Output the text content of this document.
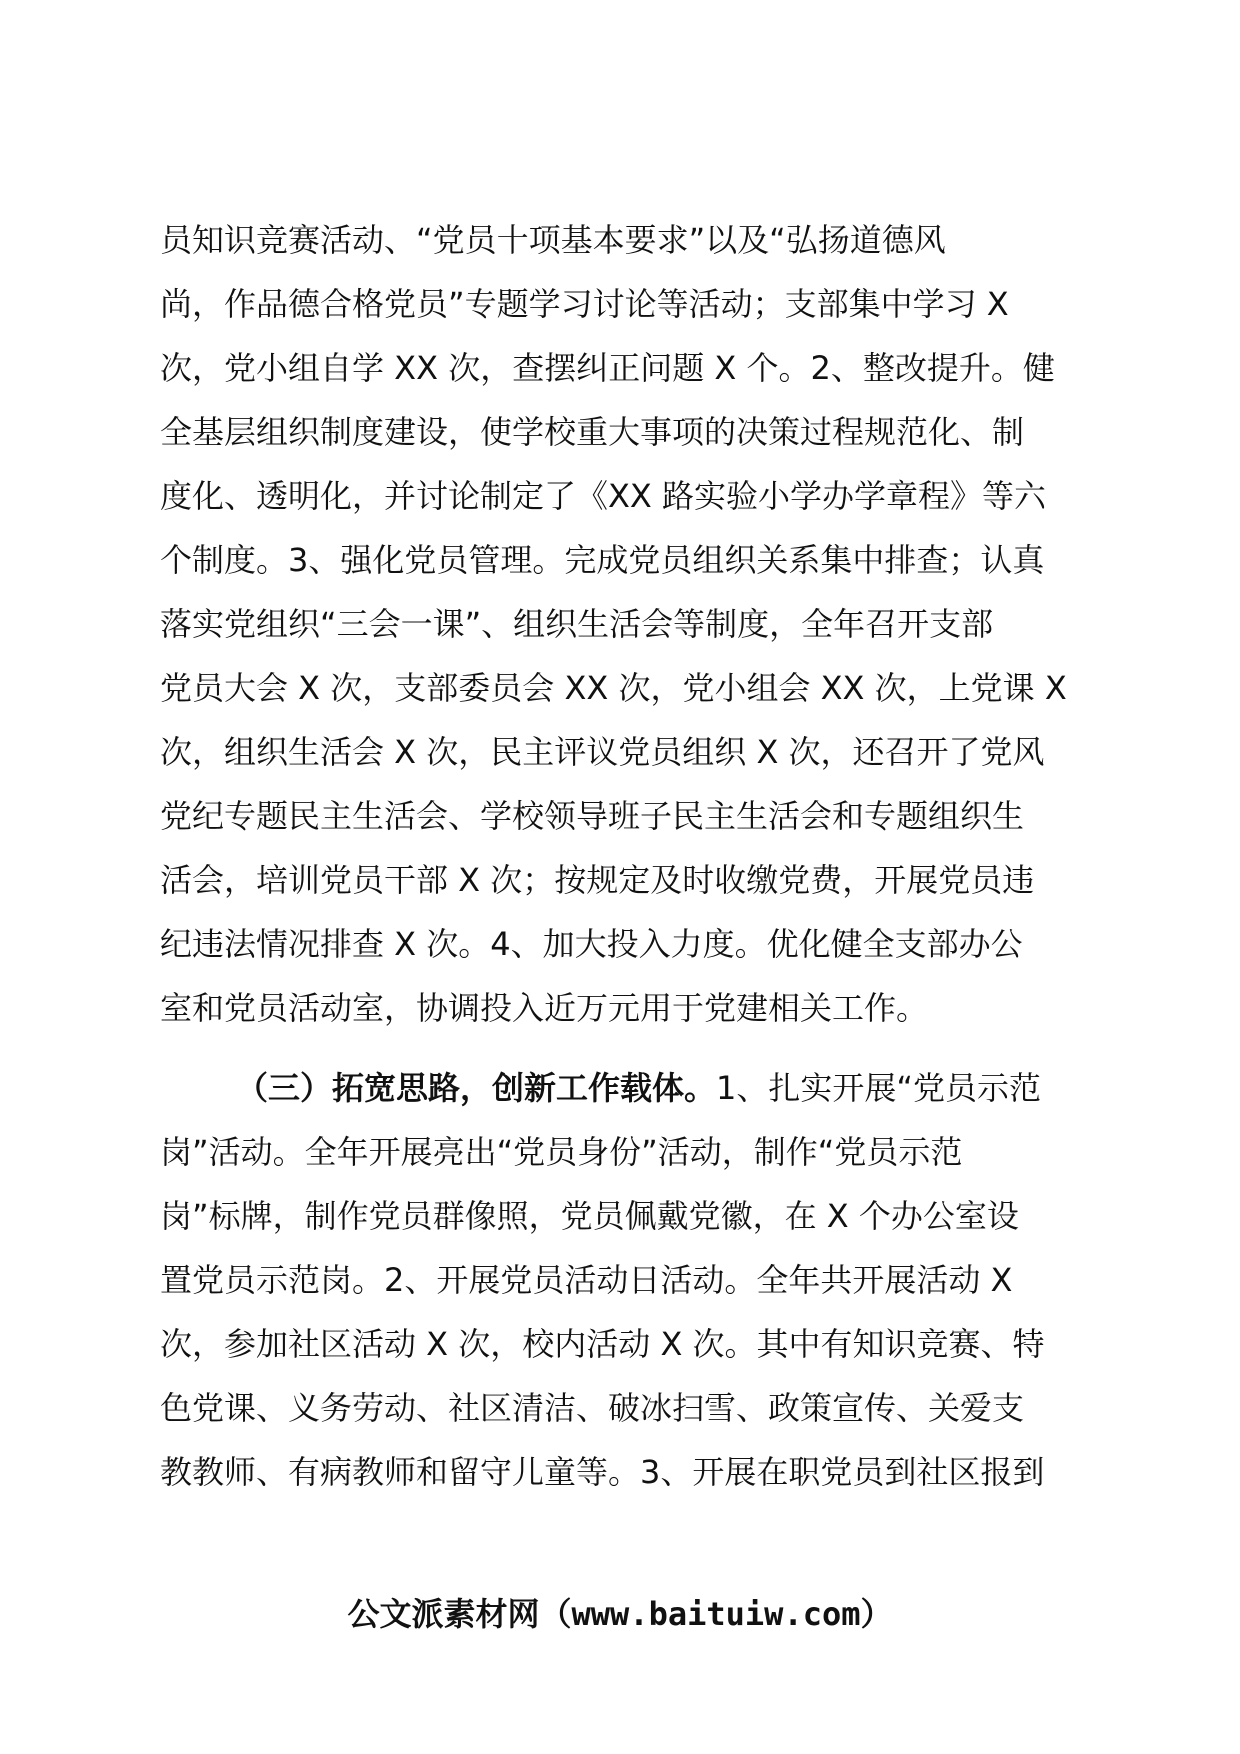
员知识竞赛活动、“党员十项基本要求”以及“弘扬道德风
尚，作品德合格党员”专题学习讨论等活动；支部集中学习 X
次，党小组自学 XX 次，查摆纠正问题 X 个。2、整改提升。健
全基层组织制度建设，使学校重大事项的决策过程规范化、制
度化、透明化，并讨论制定了《XX 路实验小学办学章程》等六
个制度。3、强化党员管理。完成党员组织关系集中排查；认真
落实党组织“三会一课”、组织生活会等制度，全年召开支部
党员大会 X 次，支部委员会 XX 次，党小组会 XX 次，上党课 X
次，组织生活会 X 次，民主评议党员组织 X 次，还召开了党风
党纪专题民主生活会、学校领导班子民主生活会和专题组织生
活会，培训党员干部 X 次；按规定及时收缴党费，开展党员违
纪违法情况排查 X 次。4、加大投入力度。优化健全支部办公
室和党员活动室，协调投入近万元用于党建相关工作。
（三）拓宽思路，创新工作载体。1、扎实开展“党员示范
岗”活动。全年开展亮出“党员身份”活动，制作“党员示范
岗”标牌，制作党员群像照，党员佩戴党徽，在 X 个办公室设
置党员示范岗。2、开展党员活动日活动。全年共开展活动 X
次，参加社区活动 X 次，校内活动 X 次。其中有知识竞赛、特
色党课、义务劳动、社区清洁、破冰扫雪、政策宣传、关爱支
教教师、有病教师和留守儿童等。3、开展在职党员到社区报到
公文派素材网（www.baituiw.com）
